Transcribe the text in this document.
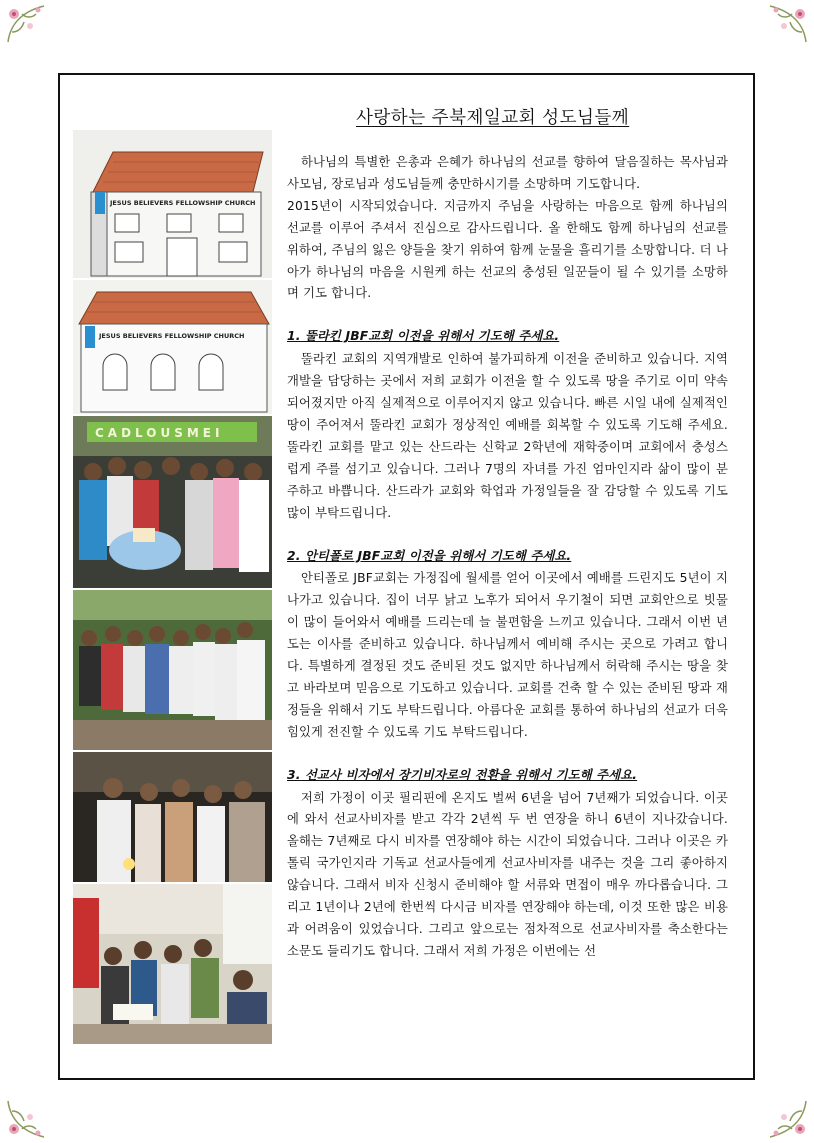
사랑하는 주북제일교회 성도님들께
JESUS BELIEVERS FELLOWSHIP CHURCH
JESUS BELIEVERS FELLOWSHIP CHURCH
CADLOUSMEI

하나님의 특별한 은총과 은혜가 하나님의 선교를 향하여 달음질하는 목사님과 사모님, 장로님과 성도님들께 충만하시기를 소망하며 기도합니다.

2015년이 시작되었습니다. 지금까지 주님을 사랑하는 마음으로 함께 하나님의 선교를 이루어 주셔서 진심으로 감사드립니다. 올 한해도 함께 하나님의 선교를 위하여, 주님의 잃은 양들을 찾기 위하여 함께 눈물을 흘리기를 소망합니다. 더 나아가 하나님의 마음을 시원케 하는 선교의 충성된 일꾼들이 될 수 있기를 소망하며 기도 합니다.

1. 뚤라킨 JBF교회 이전을 위해서 기도해 주세요.

뚤라킨 교회의 지역개발로 인하여 불가피하게 이전을 준비하고 있습니다. 지역개발을 담당하는 곳에서 저희 교회가 이전을 할 수 있도록 땅을 주기로 이미 약속되어졌지만 아직 실제적으로 이루어지지 않고 있습니다. 빠른 시일 내에 실제적인 땅이 주어져서 뚤라킨 교회가 정상적인 예배를 회복할 수 있도록 기도해 주세요. 뚤라킨 교회를 맡고 있는 산드라는 신학교 2학년에 재학중이며 교회에서 충성스럽게 주를 섬기고 있습니다. 그러나 7명의 자녀를 가진 엄마인지라 삶이 많이 분주하고 바쁩니다. 산드라가 교회와 학업과 가정일들을 잘 감당할 수 있도록 기도 많이 부탁드립니다.

2. 안티폴로 JBF교회 이전을 위해서 기도해 주세요.

안티폴로 JBF교회는 가정집에 월세를 얻어 이곳에서 예배를 드린지도 5년이 지나가고 있습니다. 집이 너무 낡고 노후가 되어서 우기철이 되면 교회안으로 빗물이 많이 들어와서 예배를 드리는데 늘 불편함을 느끼고 있습니다. 그래서 이번 년도는 이사를 준비하고 있습니다. 하나님께서 예비해 주시는 곳으로 가려고 합니다. 특별하게 결정된 것도 준비된 것도 없지만 하나님께서 허락해 주시는 땅을 찾고 바라보며 믿음으로 기도하고 있습니다. 교회를 건축 할 수 있는 준비된 땅과 재정들을 위해서 기도 부탁드립니다. 아름다운 교회를 통하여 하나님의 선교가 더욱 힘있게 전진할 수 있도록 기도 부탁드립니다.

3. 선교사 비자에서 장기비자로의 전환을 위해서 기도해 주세요.

저희 가정이 이곳 필리핀에 온지도 벌써 6년을 넘어 7년째가 되었습니다. 이곳에 와서 선교사비자를 받고 각각 2년씩 두 번 연장을 하니 6년이 지나갔습니다. 올해는 7년째로 다시 비자를 연장해야 하는 시간이 되었습니다. 그러나 이곳은 카톨릭 국가인지라 기독교 선교사들에게 선교사비자를 내주는 것을 그리 좋아하지 않습니다. 그래서 비자 신청시 준비해야 할 서류와 면접이 매우 까다롭습니다. 그리고 1년이나 2년에 한번씩 다시금 비자를 연장해야 하는데, 이것 또한 많은 비용과 어려움이 있었습니다. 그리고 앞으로는 점차적으로 선교사비자를 축소한다는 소문도 들리기도 합니다. 그래서 저희 가정은 이번에는 선
